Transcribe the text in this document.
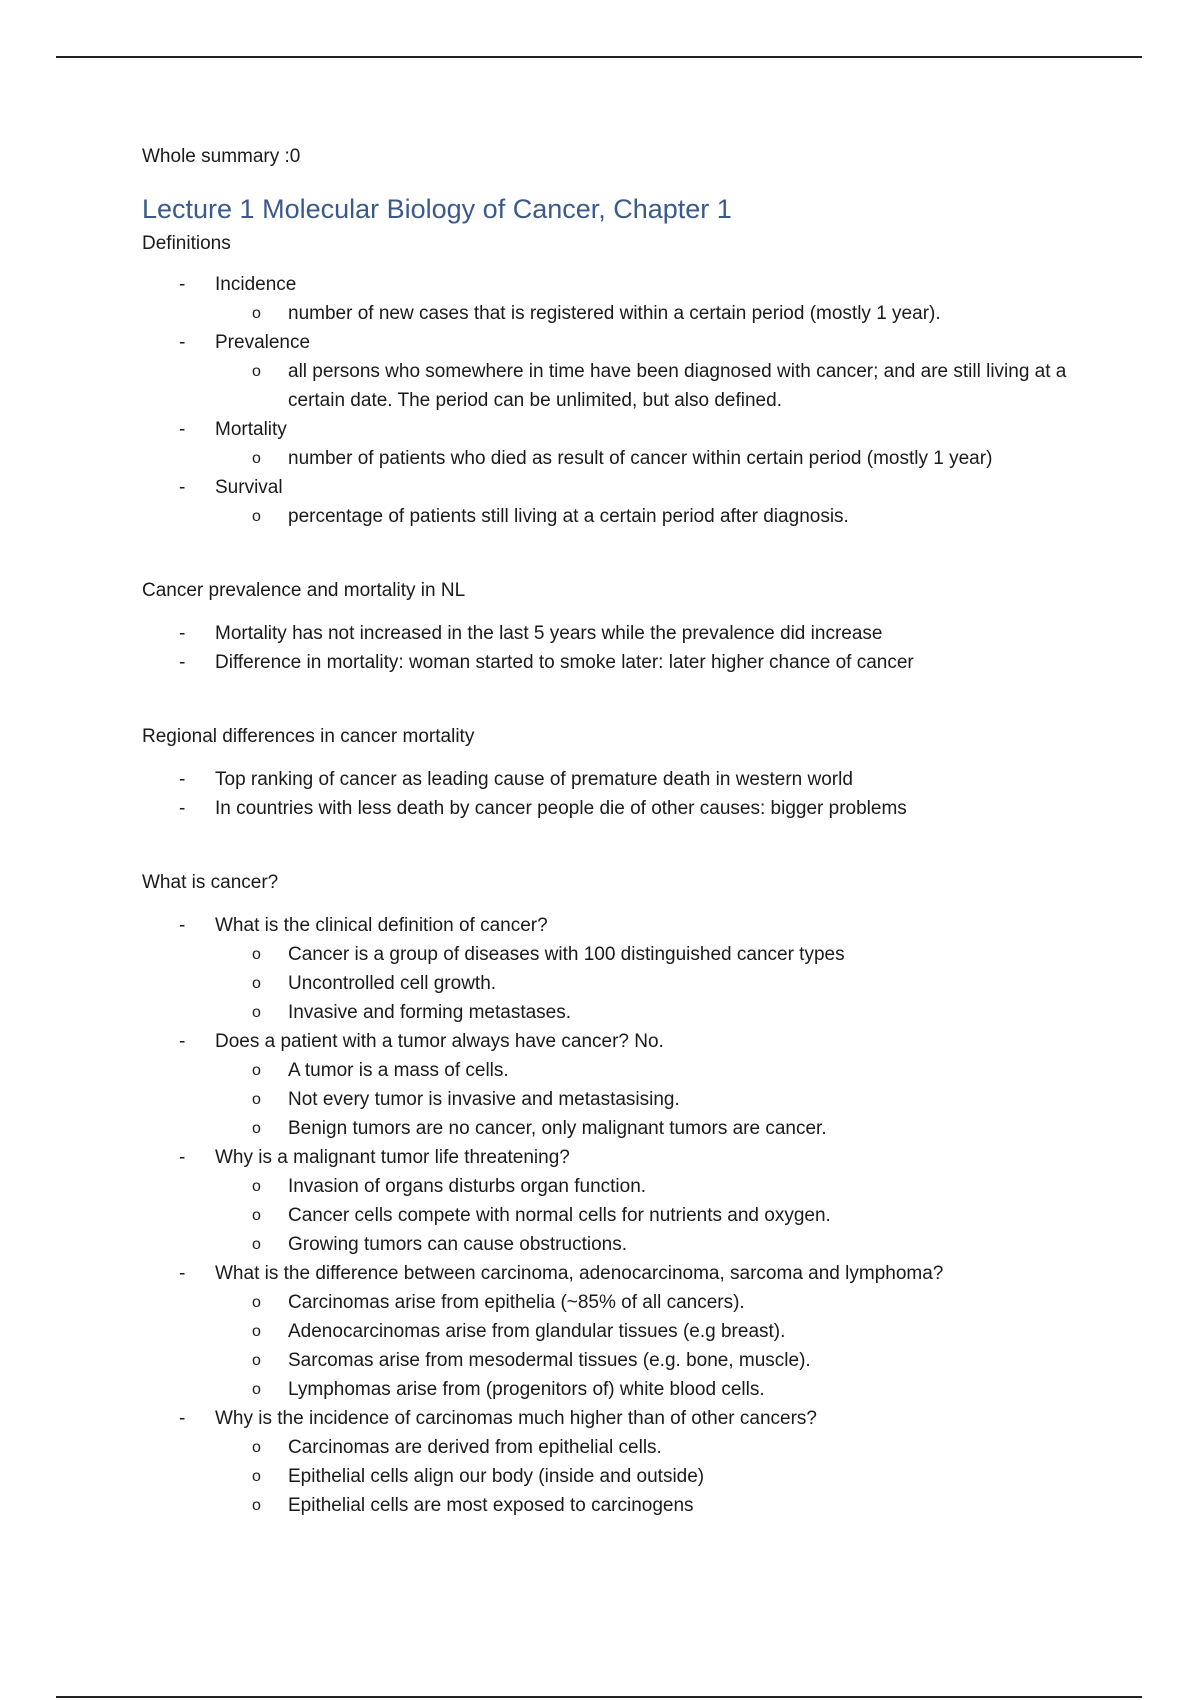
Whole summary :0

Lecture 1 Molecular Biology of Cancer, Chapter 1
Definitions
- Incidence
o number of new cases that is registered within a certain period (mostly 1 year).
- Prevalence
o all persons who somewhere in time have been diagnosed with cancer; and are still living at a certain date. The period can be unlimited, but also defined.
- Mortality
o number of patients who died as result of cancer within certain period (mostly 1 year)
- Survival
o percentage of patients still living at a certain period after diagnosis.
Cancer prevalence and mortality in NL
- Mortality has not increased in the last 5 years while the prevalence did increase
- Difference in mortality: woman started to smoke later: later higher chance of cancer
Regional differences in cancer mortality
- Top ranking of cancer as leading cause of premature death in western world
- In countries with less death by cancer people die of other causes: bigger problems
What is cancer?
- What is the clinical definition of cancer?
o Cancer is a group of diseases with 100 distinguished cancer types
o Uncontrolled cell growth.
o Invasive and forming metastases.
- Does a patient with a tumor always have cancer? No.
o A tumor is a mass of cells.
o Not every tumor is invasive and metastasising.
o Benign tumors are no cancer, only malignant tumors are cancer.
- Why is a malignant tumor life threatening?
o Invasion of organs disturbs organ function.
o Cancer cells compete with normal cells for nutrients and oxygen.
o Growing tumors can cause obstructions.
- What is the difference between carcinoma, adenocarcinoma, sarcoma and lymphoma?
o Carcinomas arise from epithelia (~85% of all cancers).
o Adenocarcinomas arise from glandular tissues (e.g breast).
o Sarcomas arise from mesodermal tissues (e.g. bone, muscle).
o Lymphomas arise from (progenitors of) white blood cells.
- Why is the incidence of carcinomas much higher than of other cancers?
o Carcinomas are derived from epithelial cells.
o Epithelial cells align our body (inside and outside)
o Epithelial cells are most exposed to carcinogens
